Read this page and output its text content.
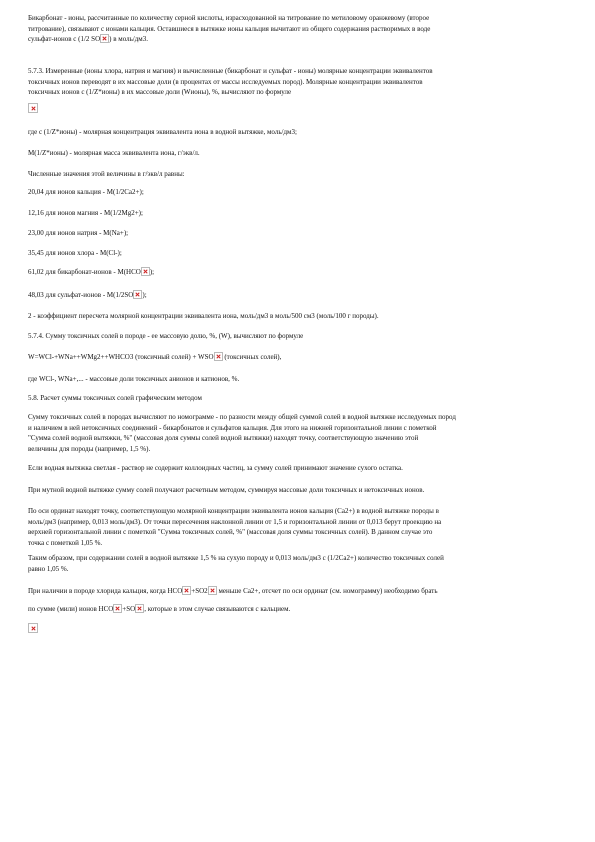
Бикарбонат - ионы, рассчитанные по количеству серной кислоты, израсходованной на титрование по метиловому оранжевому (второе
титрование), связывают с ионами кальция. Оставшиеся в вытяжке ионы кальция вычитают из общего содержания растворимых в воде
сульфат-ионов с (1/2 SO ) в моль/дм3.
5.7.3. Измеренные (ионы хлора, натрия и магния) и вычисленные (бикарбонат и сульфат - ионы) молярные концентрации эквивалентов
токсичных ионов переводят в их массовые доли (в процентах от массы исследуемых пород). Молярные концентрации эквивалентов
токсичных ионов с (1/Z*ионы) в их массовые доли (Wионы), %, вычисляют по формуле
где с (1/Z*ионы) - молярная концентрация эквивалента иона в водной вытяжке, моль/дм3;
M(1/Z*ионы) - молярная масса эквивалента иона, г/экв/л.
Численные значения этой величины в г/экв/л равны:
20,04 для ионов кальция - M(1/2Ca2+);
12,16 для ионов магния - M(1/2Mg2+);
23,00 для ионов натрия - M(Na+);
35,45 для ионов хлора - M(Cl-);
61,02 для бикарбонат-ионов - M(HCO );
48,03 для сульфат-ионов - M(1/2SO );
2 - коэффициент пересчета молярной концентрации эквивалента иона, моль/дм3 в моль/500 см3 (моль/100 г породы).
5.7.4. Сумму токсичных солей в породе - ее массовую долю, %, (W), вычисляют по формуле
W=WCl-+WNa++WMg2++WHCO3 (токсичный сoлей) + WSO (токсичных солей),
где WCl-, WNa+,... - массовые доли токсичных анионов и катионов, %.
5.8. Расчет суммы токсичных солей графическим методом
Сумму токсичных солей в породах вычисляют по номограмме - по разности между общей суммой солей в водной вытяжке исследуемых пород
и наличием в ней нетоксичных соединений - бикарбонатов и сульфатов кальция. Для этого на нижней горизонтальной линии с пометкой
"Сумма солей водной вытяжки, %" (массовая доля суммы солей водной вытяжки) находят точку, соответствующую значению этой
величины для породы (например, 1,5 %).
Если водная вытяжка светлая - раствор не содержит коллоидных частиц, за сумму солей принимают значение сухого остатка.
При мутной водной вытяжке сумму солей получают расчетным методом, суммируя массовые доли токсичных и нетоксичных ионов.
По оси ординат находят точку, соответствующую молярной концентрации эквивалента ионов кальция (Ca2+) в водной вытяжке породы в
моль/дм3 (например, 0,013 моль/дм3). От точки пересечения наклонной линии от 1,5 и горизонтальной линии от 0,013 берут проекцию на
верхней горизонтальной линии с пометкой "Сумма токсичных солей, %" (массовая доля суммы токсичных солей). В данном случае это
точка с пометкой 1,05 %.
Таким образом, при содержании солей в водной вытяжке 1,5 % на сухую породу и 0,013 моль/дм3 с (1/2Ca2+) количество токсичных солей
равно 1,05 %.
При наличии в породе хлорида кальция, когда HCO +SO2 меньше Ca2+, отсчет по оси ординат (см. номограмму) необходимо брать
по сумме (мили) ионов HCO +SO , которые в этом случае связываются с кальцием.
